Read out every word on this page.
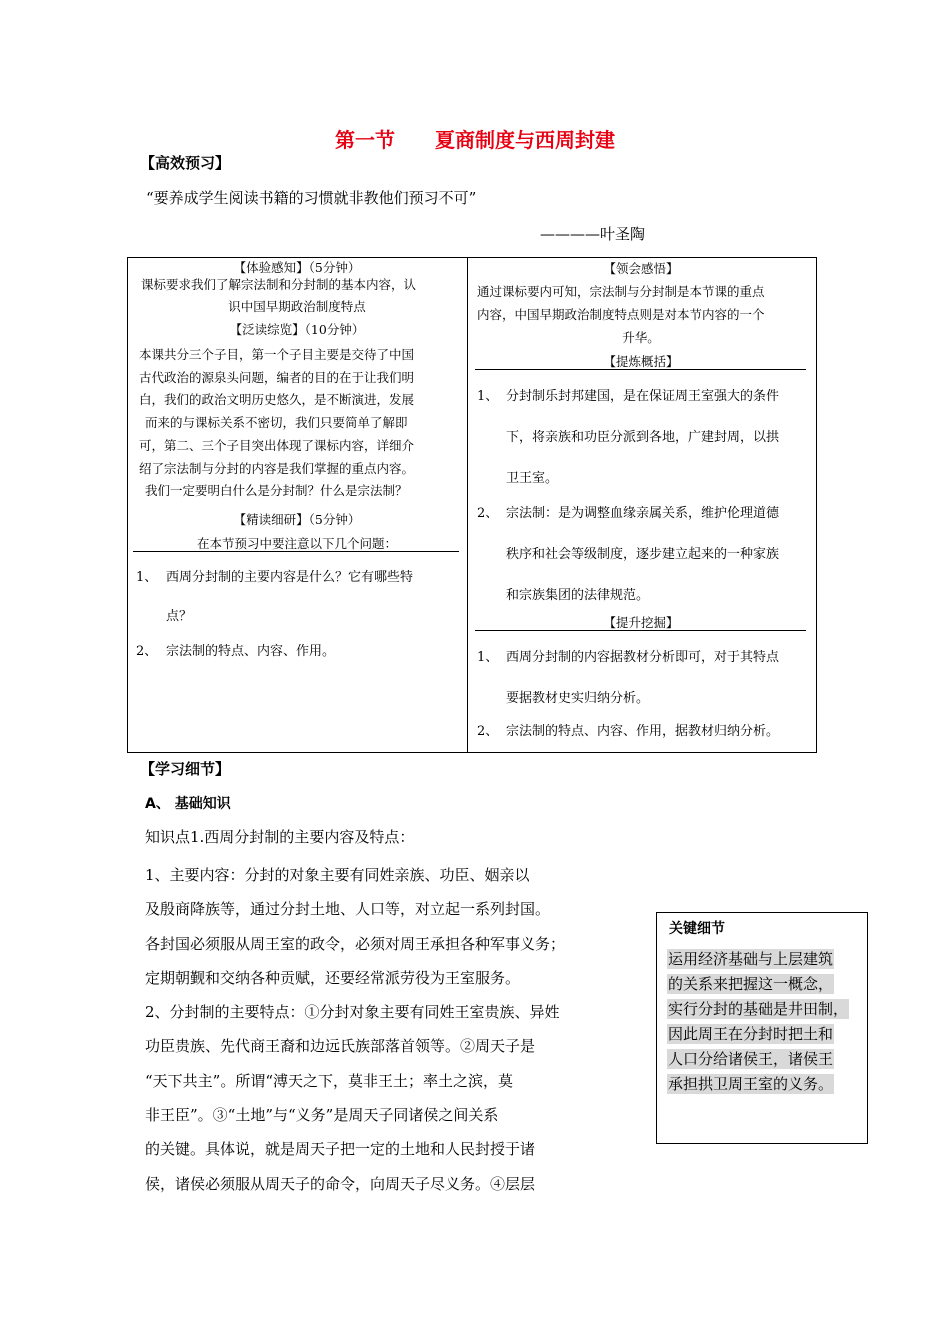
第一节　　夏商制度与西周封建
【高效预习】
“要养成学生阅读书籍的习惯就非教他们预习不可”
————叶圣陶
【体验感知】（5分钟）
课标要求我们了解宗法制和分封制的基本内容，认
识中国早期政治制度特点
【泛读综览】（10分钟）
本课共分三个子目，第一个子目主要是交待了中国
古代政治的源泉头问题，编者的目的在于让我们明
白，我们的政治文明历史悠久，是不断演进，发展
而来的与课标关系不密切，我们只要简单了解即
可，第二、三个子目突出体现了课标内容，详细介
绍了宗法制与分封的内容是我们掌握的重点内容。
我们一定要明白什么是分封制？什么是宗法制？
【精读细研】（5分钟）
在本节预习中要注意以下几个问题：
1、 西周分封制的主要内容是什么？它有哪些特
点？
2、 宗法制的特点、内容、作用。
【领会感悟】
通过课标要内可知，宗法制与分封制是本节课的重点
内容，中国早期政治制度特点则是对本节内容的一个
升华。
【提炼概括】
1、 分封制乐封邦建国，是在保证周王室强大的条件
下，将亲族和功臣分派到各地，广建封周，以拱
卫王室。
2、 宗法制：是为调整血缘亲属关系，维护伦理道德
秩序和社会等级制度，逐步建立起来的一种家族
和宗族集团的法律规范。
【提升挖掘】
1、 西周分封制的内容据教材分析即可，对于其特点
要据教材史实归纳分析。
2、 宗法制的特点、内容、作用，据教材归纳分析。
【学习细节】
A、 基础知识
知识点1.西周分封制的主要内容及特点：
1、主要内容：分封的对象主要有同姓亲族、功臣、姻亲以
及殷商降族等，通过分封土地、人口等，对立起一系列封国。
各封国必须服从周王室的政令，必须对周王承担各种军事义务；
定期朝觐和交纳各种贡赋，还要经常派劳役为王室服务。
2、分封制的主要特点：①分封对象主要有同姓王室贵族、异姓
功臣贵族、先代商王裔和边远氏族部落首领等。②周天子是
“天下共主”。所谓“溥天之下，莫非王土；率土之滨，莫
非王臣”。③“土地”与“义务”是周天子同诸侯之间关系
的关键。具体说，就是周天子把一定的土地和人民封授于诸
侯，诸侯必须服从周天子的命令，向周天子尽义务。④层层
关键细节
运用经济基础与上层建筑
的关系来把握这一概念，
实行分封的基础是井田制，
因此周王在分封时把土和
人口分给诸侯王，诸侯王
承担拱卫周王室的义务。
